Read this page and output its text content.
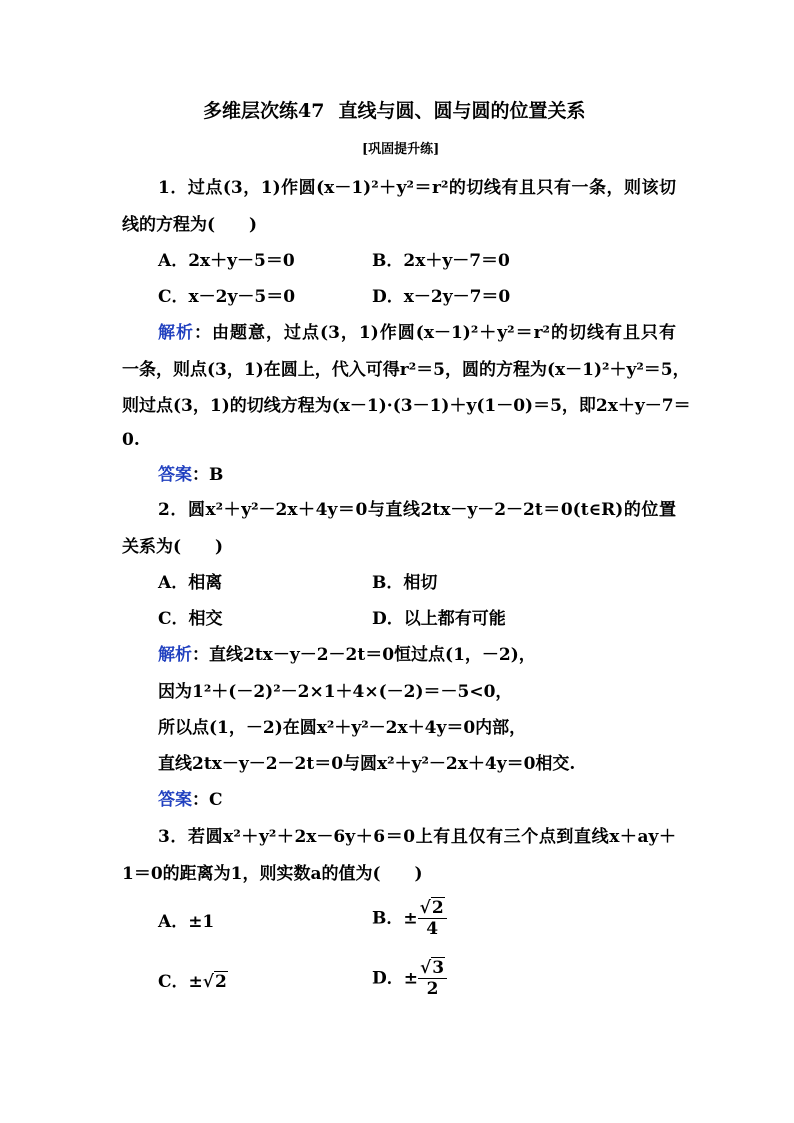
多维层次练47 直线与圆、圆与圆的位置关系
[巩固提升练]
1．过点(3，1)作圆(x－1)²＋y²＝r²的切线有且只有一条，则该切
线的方程为(　　)
A．2x＋y－5＝0	B．2x＋y－7＝0
C．x－2y－5＝0	D．x－2y－7＝0
解析：由题意，过点(3，1)作圆(x－1)²＋y²＝r²的切线有且只有
一条，则点(3，1)在圆上，代入可得r²＝5，圆的方程为(x－1)²＋y²＝5，
则过点(3，1)的切线方程为(x－1)·(3－1)＋y(1－0)＝5，即2x＋y－7＝
0.
答案：B
2．圆x²＋y²－2x＋4y＝0与直线2tx－y－2－2t＝0(t∈R)的位置
关系为(　　)
A．相离	B．相切
C．相交	D．以上都有可能
解析：直线2tx－y－2－2t＝0恒过点(1，－2)，
因为1²＋(－2)²－2×1＋4×(－2)＝－5<0，
所以点(1，－2)在圆x²＋y²－2x＋4y＝0内部，
直线2tx－y－2－2t＝0与圆x²＋y²－2x＋4y＝0相交.
答案：C
3．若圆x²＋y²＋2x－6y＋6＝0上有且仅有三个点到直线x＋ay＋
1＝0的距离为1，则实数a的值为(　　)
A．±1	B．± $\frac{√2}{4}$
C．±√2	D．± $\frac{√3}{2}$
